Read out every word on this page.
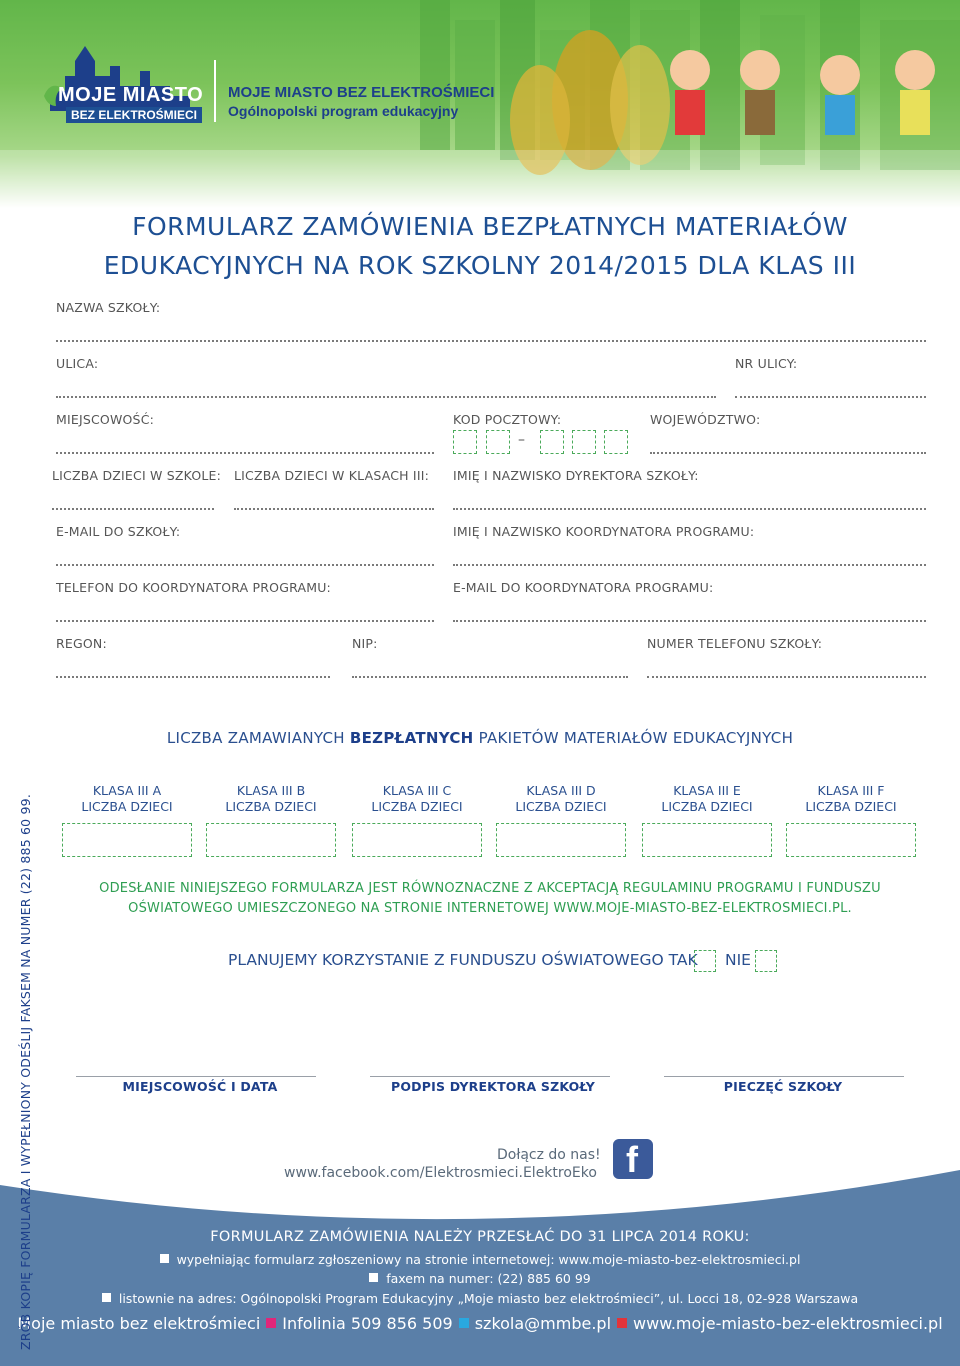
MOJE MIASTO
BEZ ELEKTROŚMIECI
MOJE MIASTO BEZ ELEKTROŚMIECI
Ogólnopolski program edukacyjny
FORMULARZ ZAMÓWIENIA BEZPŁATNYCH MATERIAŁÓW
EDUKACYJNYCH NA ROK SZKOLNY 2014/2015 DLA KLAS III
NAZWA SZKOŁY:
ULICA:	NR ULICY:
MIEJSCOWOŚĆ:	KOD POCZTOWY:	WOJEWÓDZTWO:
–
LICZBA DZIECI W SZKOLE: LICZBA DZIECI W KLASACH III: IMIĘ I NAZWISKO DYREKTORA SZKOŁY:
E-MAIL DO SZKOŁY:	IMIĘ I NAZWISKO KOORDYNATORA PROGRAMU:
TELEFON DO KOORDYNATORA PROGRAMU:	E-MAIL DO KOORDYNATORA PROGRAMU:
REGON:	NIP:	NUMER TELEFONU SZKOŁY:
LICZBA ZAMAWIANYCH BEZPŁATNYCH PAKIETÓW MATERIAŁÓW EDUKACYJNYCH
KLASA III A
LICZBA DZIECI
KLASA III B
LICZBA DZIECI
KLASA III C
LICZBA DZIECI
KLASA III D
LICZBA DZIECI
KLASA III E
LICZBA DZIECI
KLASA III F
LICZBA DZIECI
ODESŁANIE NINIEJSZEGO FORMULARZA JEST RÓWNOZNACZNE Z AKCEPTACJĄ REGULAMINU PROGRAMU I FUNDUSZU
OŚWIATOWEGO UMIESZCZONEGO NA STRONIE INTERNETOWEJ WWW.MOJE-MIASTO-BEZ-ELEKTROSMIECI.PL.
PLANUJEMY KORZYSTANIE Z FUNDUSZU OŚWIATOWEGO TAK NIE
MIEJSCOWOŚĆ I DATA	PODPIS DYREKTORA SZKOŁY	PIECZĘĆ SZKOŁY
Dołącz do nas!
www.facebook.com/Elektrosmieci.ElektroEko f
FORMULARZ ZAMÓWIENIA NALEŻY PRZESŁAĆ DO 31 LIPCA 2014 ROKU:
wypełniając formularz zgłoszeniowy na stronie internetowej: www.moje-miasto-bez-elektrosmieci.pl
faxem na numer: (22) 885 60 99
listownie na adres: Ogólnopolski Program Edukacyjny „Moje miasto bez elektrośmieci”, ul. Locci 18, 02-928 Warszawa
Moje miasto bez elektrośmieci Infolinia 509 856 509 szkola@mmbe.pl www.moje-miasto-bez-elektrosmieci.pl
ZRÓB KOPIĘ FORMULARZA I WYPEŁNIONY ODEŚLIJ FAKSEM NA NUMER (22) 885 60 99.
